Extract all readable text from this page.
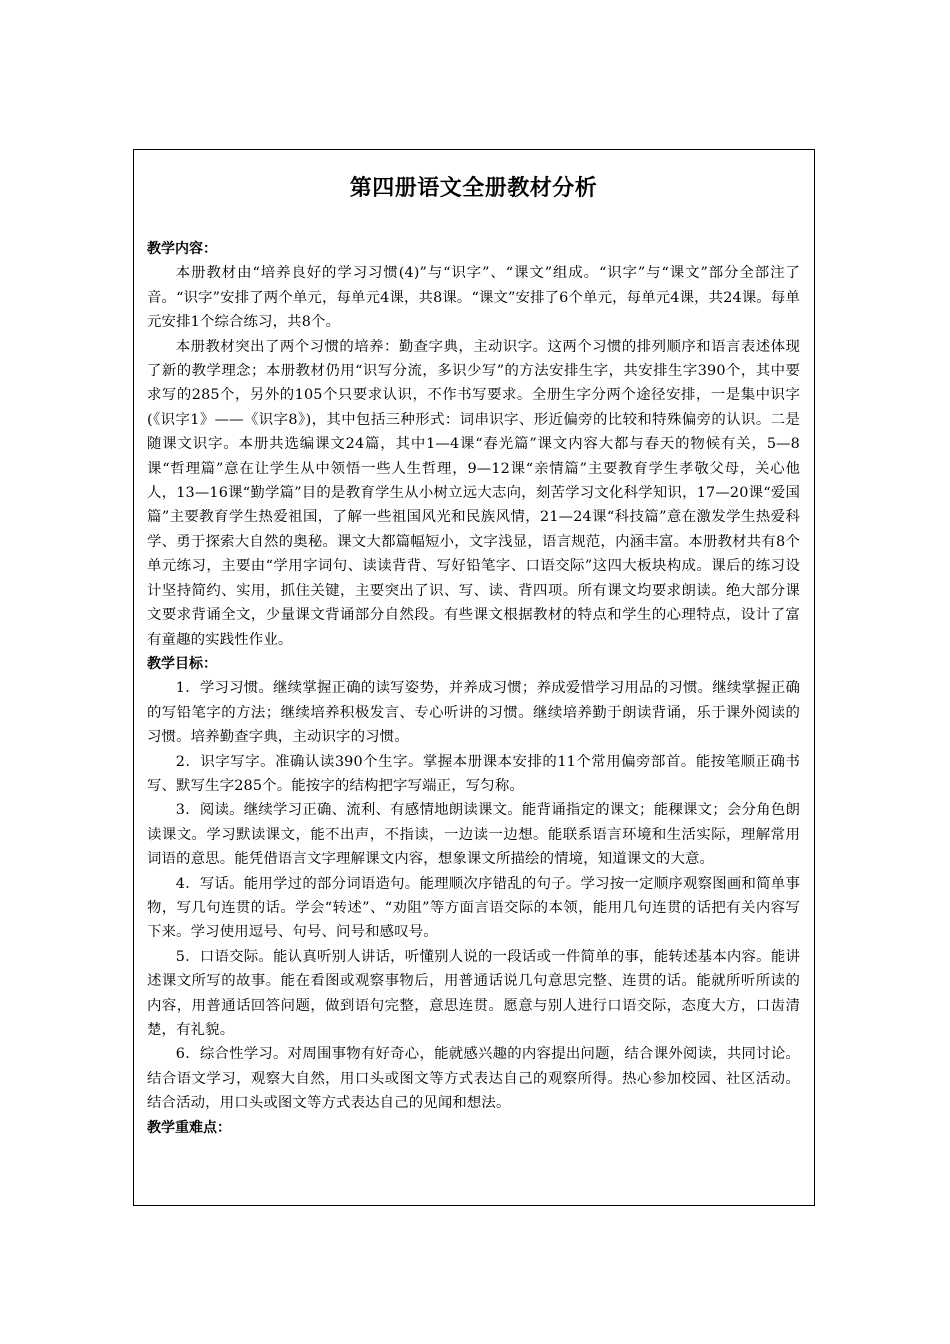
第四册语文全册教材分析
教学内容：

本册教材由“培养良好的学习习惯(4)”与“识字”、“课文”组成。“识字”与“课文”部分全部注了音。“识字”安排了两个单元，每单元4课，共8课。“课文”安排了6个单元，每单元4课，共24课。每单元安排1个综合练习，共8个。

本册教材突出了两个习惯的培养：勤查字典，主动识字。这两个习惯的排列顺序和语言表述体现了新的教学理念；本册教材仍用“识写分流，多识少写”的方法安排生字，共安排生字390个，其中要求写的285个，另外的105个只要求认识，不作书写要求。全册生字分两个途径安排，一是集中识字(《识字1》——《识字8》)，其中包括三种形式：词串识字、形近偏旁的比较和特殊偏旁的认识。二是随课文识字。本册共选编课文24篇，其中1—4课“春光篇”课文内容大都与春天的物候有关，5—8课“哲理篇”意在让学生从中领悟一些人生哲理，9—12课“亲情篇”主要教育学生孝敬父母，关心他人，13—16课“勤学篇”目的是教育学生从小树立远大志向，刻苦学习文化科学知识，17—20课“爱国篇”主要教育学生热爱祖国，了解一些祖国风光和民族风情，21—24课“科技篇”意在激发学生热爱科学、勇于探索大自然的奥秘。课文大都篇幅短小，文字浅显，语言规范，内涵丰富。本册教材共有8个单元练习，主要由“学用字词句、读读背背、写好铅笔字、口语交际”这四大板块构成。课后的练习设计坚持简约、实用，抓住关键，主要突出了识、写、读、背四项。所有课文均要求朗读。绝大部分课文要求背诵全文，少量课文背诵部分自然段。有些课文根据教材的特点和学生的心理特点，设计了富有童趣的实践性作业。

教学目标：

1．学习习惯。继续掌握正确的读写姿势，并养成习惯；养成爱惜学习用品的习惯。继续掌握正确的写铅笔字的方法；继续培养积极发言、专心听讲的习惯。继续培养勤于朗读背诵，乐于课外阅读的习惯。培养勤查字典，主动识字的习惯。

2．识字写字。准确认读390个生字。掌握本册课本安排的11个常用偏旁部首。能按笔顺正确书写、默写生字285个。能按字的结构把字写端正，写匀称。

3．阅读。继续学习正确、流利、有感情地朗读课文。能背诵指定的课文；能稞课文；会分角色朗读课文。学习默读课文，能不出声，不指读，一边读一边想。能联系语言环境和生活实际，理解常用词语的意思。能凭借语言文字理解课文内容，想象课文所描绘的情境，知道课文的大意。

4．写话。能用学过的部分词语造句。能理顺次序错乱的句子。学习按一定顺序观察图画和简单事物，写几句连贯的话。学会“转述”、“劝阻”等方面言语交际的本领，能用几句连贯的话把有关内容写下来。学习使用逗号、句号、问号和感叹号。

5．口语交际。能认真听别人讲话，听懂别人说的一段话或一件简单的事，能转述基本内容。能讲述课文所写的故事。能在看图或观察事物后，用普通话说几句意思完整、连贯的话。能就所听所读的内容，用普通话回答问题，做到语句完整，意思连贯。愿意与别人进行口语交际，态度大方，口齿清楚，有礼貌。

6．综合性学习。对周围事物有好奇心，能就感兴趣的内容提出问题，结合课外阅读，共同讨论。结合语文学习，观察大自然，用口头或图文等方式表达自己的观察所得。热心参加校园、社区活动。结合活动，用口头或图文等方式表达自己的见闻和想法。

教学重难点：
